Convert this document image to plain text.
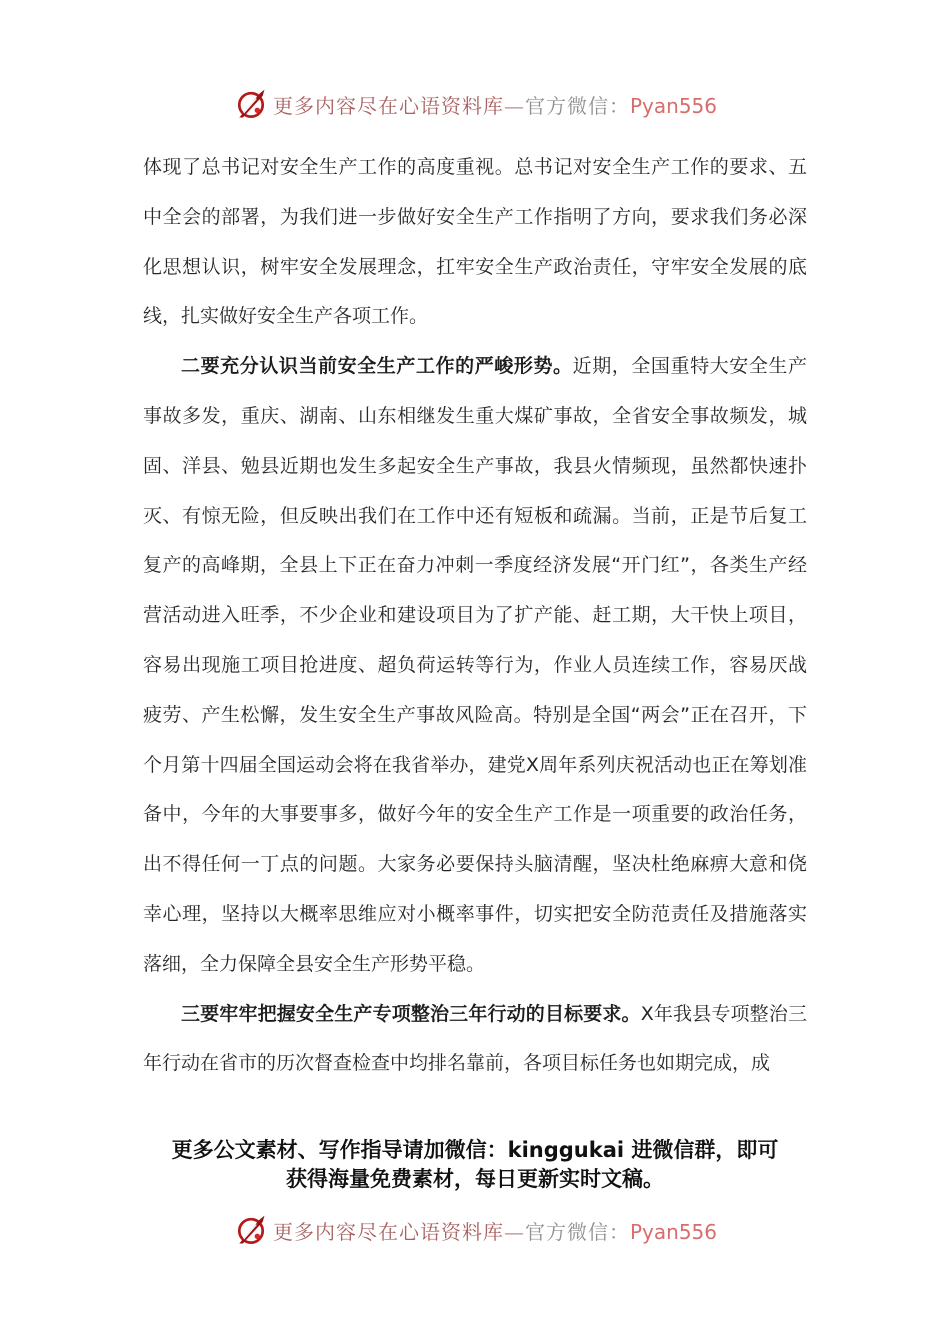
更多内容尽在心语资料库—官方微信：Pyan556

体现了总书记对安全生产工作的高度重视。总书记对安全生产工作的要求、五中全会的部署，为我们进一步做好安全生产工作指明了方向，要求我们务必深化思想认识，树牢安全发展理念，扛牢安全生产政治责任，守牢安全发展的底线，扎实做好安全生产各项工作。

二要充分认识当前安全生产工作的严峻形势。近期，全国重特大安全生产事故多发，重庆、湖南、山东相继发生重大煤矿事故，全省安全事故频发，城固、洋县、勉县近期也发生多起安全生产事故，我县火情频现，虽然都快速扑灭、有惊无险，但反映出我们在工作中还有短板和疏漏。当前，正是节后复工复产的高峰期，全县上下正在奋力冲刺一季度经济发展“开门红”，各类生产经营活动进入旺季，不少企业和建设项目为了扩产能、赶工期，大干快上项目，容易出现施工项目抢进度、超负荷运转等行为，作业人员连续工作，容易厌战疲劳、产生松懈，发生安全生产事故风险高。特别是全国“两会”正在召开，下个月第十四届全国运动会将在我省举办，建党X周年系列庆祝活动也正在筹划准备中，今年的大事要事多，做好今年的安全生产工作是一项重要的政治任务，出不得任何一丁点的问题。大家务必要保持头脑清醒，坚决杜绝麻痹大意和侥幸心理，坚持以大概率思维应对小概率事件，切实把安全防范责任及措施落实落细，全力保障全县安全生产形势平稳。

三要牢牢把握安全生产专项整治三年行动的目标要求。X年我县专项整治三年行动在省市的历次督查检查中均排名靠前，各项目标任务也如期完成，成

更多公文素材、写作指导请加微信：kinggukai 进微信群，即可
获得海量免费素材，每日更新实时文稿。
更多内容尽在心语资料库—官方微信：Pyan556
